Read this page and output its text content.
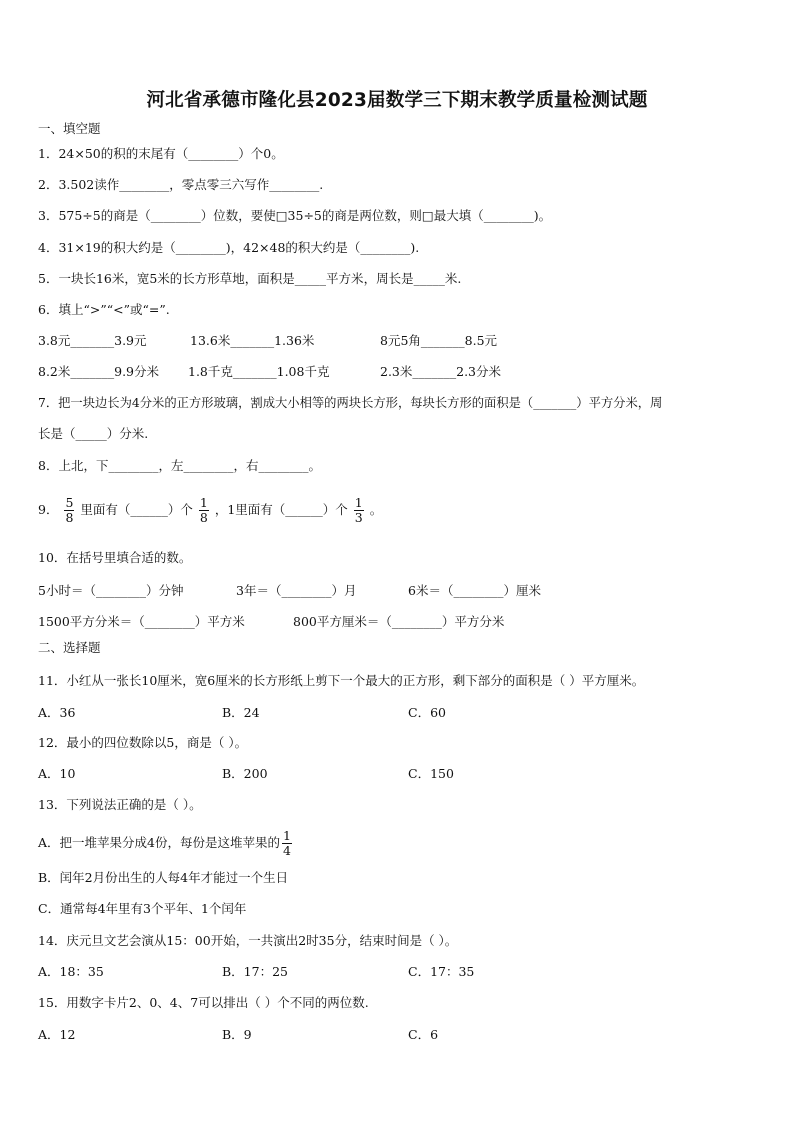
河北省承德市隆化县2023届数学三下期末教学质量检测试题
一、填空题
1．24×50的积的末尾有（________）个0。
2．3.502读作________，零点零三六写作________.
3．575÷5的商是（________）位数，要使□35÷5的商是两位数，则□最大填（________)。
4．31×19的积大约是（________)，42×48的积大约是（________).
5．一块长16米，宽5米的长方形草地，面积是_____平方米，周长是_____米.
6．填上“>”“<”或“=”.
3.8元_______3.9元	13.6米_______1.36米	8元5角_______8.5元
8.2米_______9.9分米 1.8千克_______1.08千克	2.3米_______2.3分米
7．把一块边长为4分米的正方形玻璃，割成大小相等的两块长方形，每块长方形的面积是（_______）平方分米，周
长是（_____）分米.
8．上北，下________，左________，右________。
9． $\frac{5}{8}$ 里面有（______）个 $\frac{1}{8}$ ，1里面有（______）个 $\frac{1}{3}$ 。
10．在括号里填合适的数。
5小时＝（________）分钟	3年＝（________）月	6米＝（________）厘米
1500平方分米＝（________）平方米	800平方厘米＝（________）平方分米
二、选择题
11．小红从一张长10厘米，宽6厘米的长方形纸上剪下一个最大的正方形，剩下部分的面积是（ ）平方厘米。
A．36	B．24	C．60
12．最小的四位数除以5，商是（ ）。
A．10	B．200	C．150
13．下列说法正确的是（ ）。
A．把一堆苹果分成4份，每份是这堆苹果的 $\frac{1}{4}$
B．闰年2月份出生的人每4年才能过一个生日
C．通常每4年里有3个平年、1个闰年
14．庆元旦文艺会演从15：00开始，一共演出2时35分，结束时间是（ ）。
A．18：35	B．17：25	C．17：35
15．用数字卡片2、0、4、7可以排出（ ）个不同的两位数.
A．12	B．9	C．6
